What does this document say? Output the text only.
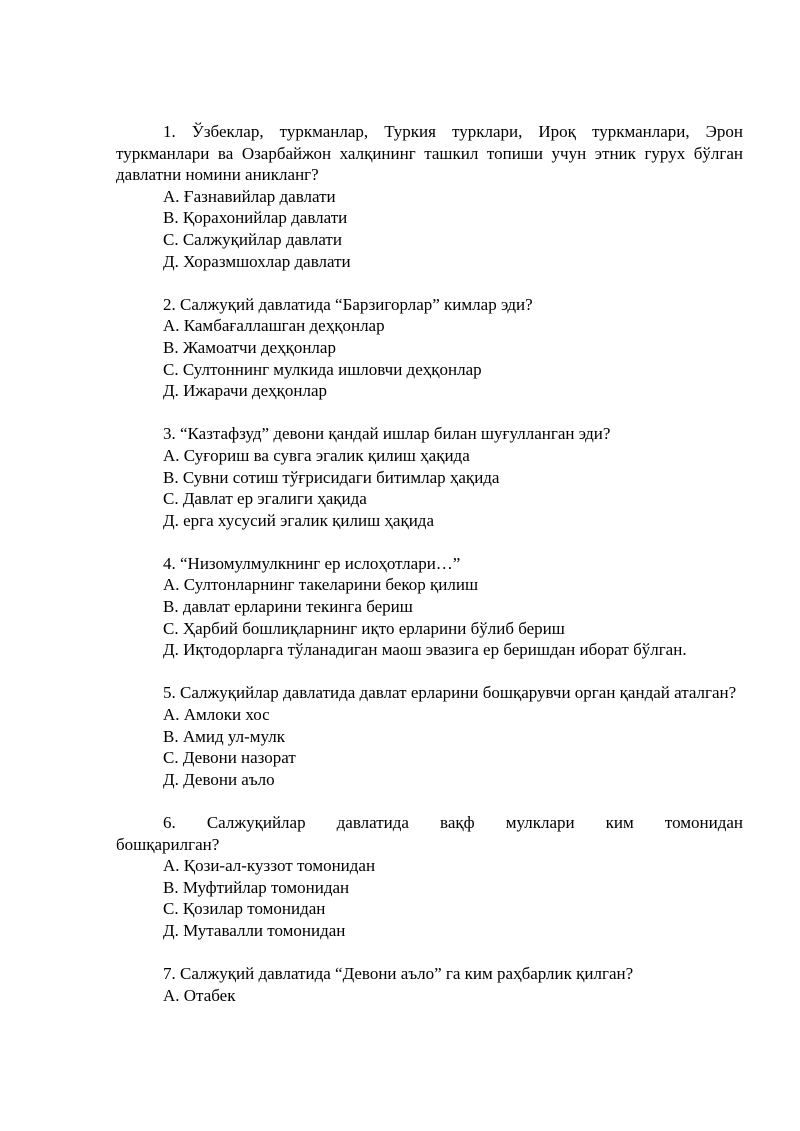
1. Ўзбеклар, туркманлар, Туркия турклари, Ироқ туркманлари, Эрон туркманлари ва Озарбайжон халқининг ташкил топиши учун этник гурух бўлган давлатни номини аникланг?

А. Ғазнавийлар давлати

В. Қорахонийлар давлати

С. Салжуқийлар давлати

Д. Хоразмшохлар давлати

2. Салжуқий давлатида “Барзигорлар” кимлар эди?

А. Камбағаллашган деҳқонлар

В. Жамоатчи деҳқонлар

С. Султоннинг мулкида ишловчи деҳқонлар

Д. Ижарачи деҳқонлар

3. “Казтафзуд” девони қандай ишлар билан шуғулланган эди?

А. Суғориш ва сувга эгалик қилиш ҳақида

В. Сувни сотиш тўғрисидаги битимлар ҳақида

С. Давлат ер эгалиги ҳақида

Д. ерга хусусий эгалик қилиш ҳақида

4. “Низомулмулкнинг ер ислоҳотлари…”

А. Султонларнинг такеларини бекор қилиш

В. давлат ерларини текинга бериш

С. Ҳарбий бошлиқларнинг иқто ерларини бўлиб бериш

Д. Иқтодорларга тўланадиган маош эвазига ер беришдан иборат бўлган.

5. Салжуқийлар давлатида давлат ерларини бошқарувчи орган қандай аталган?

А. Амлоки хос

В. Амид ул-мулк

С. Девони назорат

Д. Девони аъло

6. Салжуқийлар давлатида вақф мулклари ким томонидан

бошқарилган?

А. Қози-ал-куззот томонидан

В. Муфтийлар томонидан

С. Қозилар томонидан

Д. Мутавалли томонидан

7. Салжуқий давлатида “Девони аъло” га ким раҳбарлик қилган?

А. Отабек
